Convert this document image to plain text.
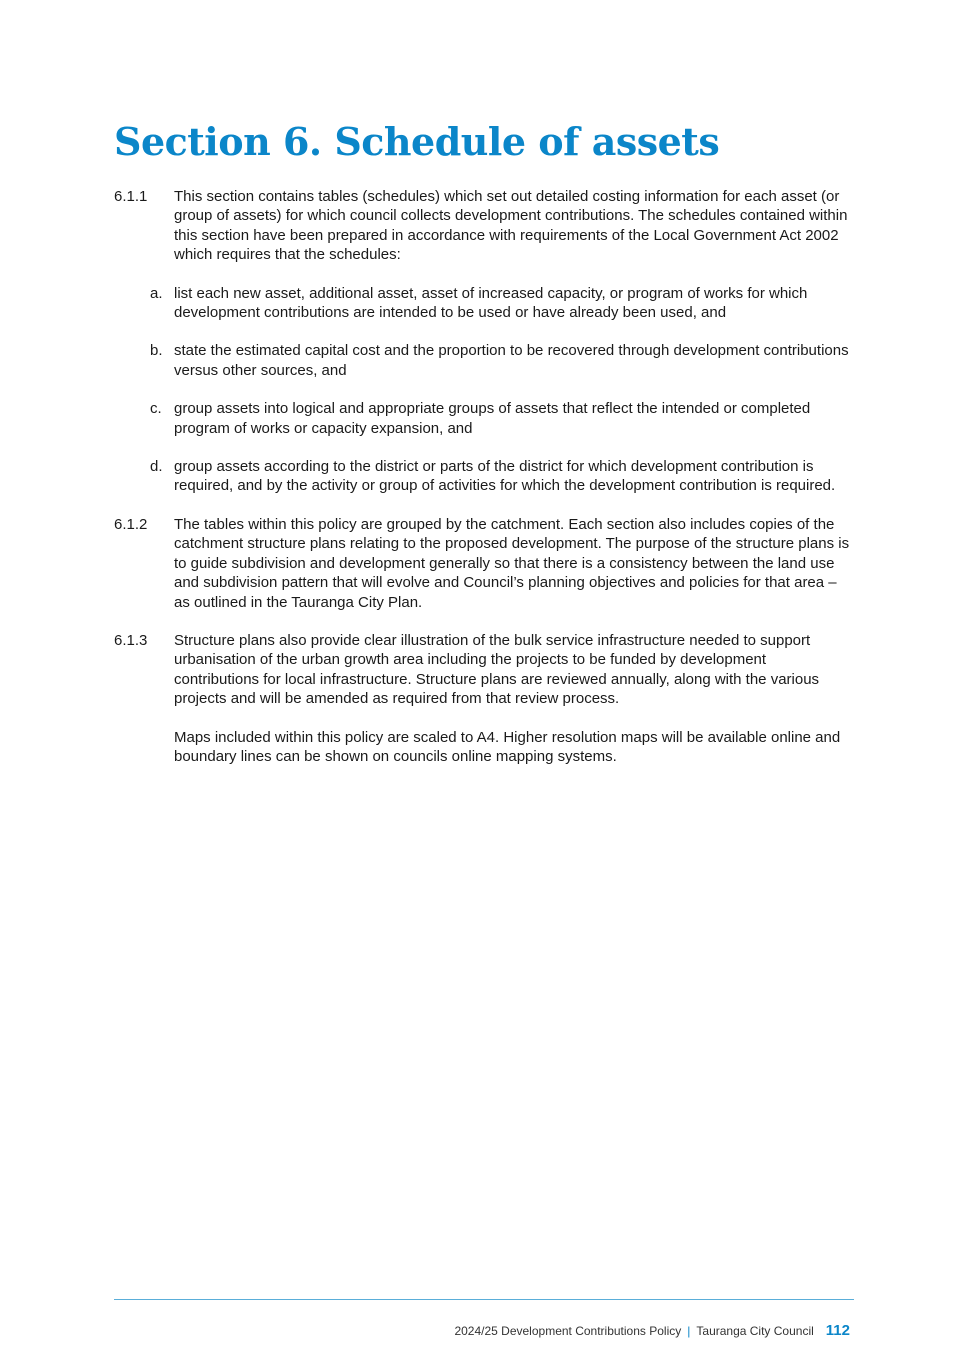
Section 6. Schedule of assets
6.1.1 This section contains tables (schedules) which set out detailed costing information for each asset (or group of assets) for which council collects development contributions. The schedules contained within this section have been prepared in accordance with requirements of the Local Government Act 2002 which requires that the schedules:

a. list each new asset, additional asset, asset of increased capacity, or program of works for which development contributions are intended to be used or have already been used, and
b. state the estimated capital cost and the proportion to be recovered through development contributions versus other sources, and
c. group assets into logical and appropriate groups of assets that reflect the intended or completed program of works or capacity expansion, and
d. group assets according to the district or parts of the district for which development contribution is required, and by the activity or group of activities for which the development contribution is required.
6.1.2 The tables within this policy are grouped by the catchment. Each section also includes copies of the catchment structure plans relating to the proposed development. The purpose of the structure plans is to guide subdivision and development generally so that there is a consistency between the land use and subdivision pattern that will evolve and Council’s planning objectives and policies for that area – as outlined in the Tauranga City Plan.

6.1.3 Structure plans also provide clear illustration of the bulk service infrastructure needed to support urbanisation of the urban growth area including the projects to be funded by development contributions for local infrastructure. Structure plans are reviewed annually, along with the various projects and will be amended as required from that review process.

Maps included within this policy are scaled to A4. Higher resolution maps will be available online and boundary lines can be shown on councils online mapping systems.

2024/25 Development Contributions Policy | Tauranga City Council 112
